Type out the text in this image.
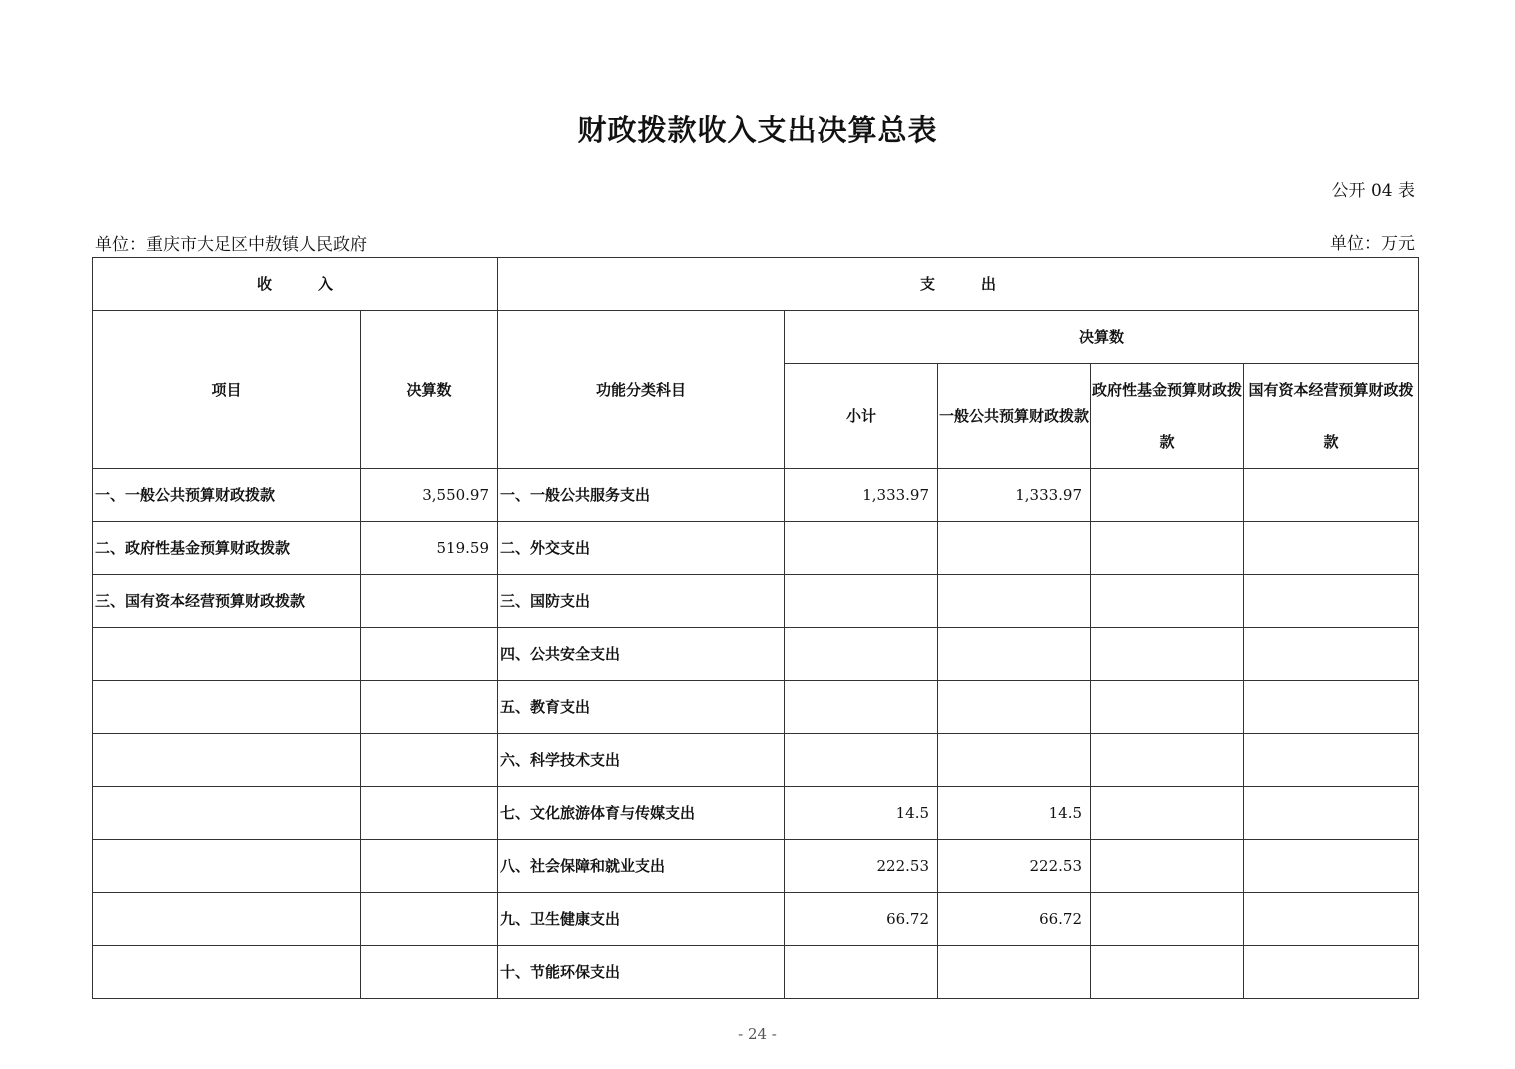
财政拨款收入支出决算总表
公开 04 表
单位：重庆市大足区中敖镇人民政府	单位：万元
收入		支出				
项目	决算数	功能分类科目	决算数			
			小计	一般公共预算财政拨款	政府性基金预算财政拨款	国有资本经营预算财政拨款

一、一般公共预算财政拨款	3,550.97	一、一般公共服务支出	1,333.97	1,333.97		
二、政府性基金预算财政拨款	519.59	二、外交支出				
三、国有资本经营预算财政拨款		三、国防支出				
		四、公共安全支出				
		五、教育支出				
		六、科学技术支出				
		七、文化旅游体育与传媒支出	14.5	14.5		
		八、社会保障和就业支出	222.53	222.53		
		九、卫生健康支出	66.72	66.72		
		十、节能环保支出				
- 24 -
